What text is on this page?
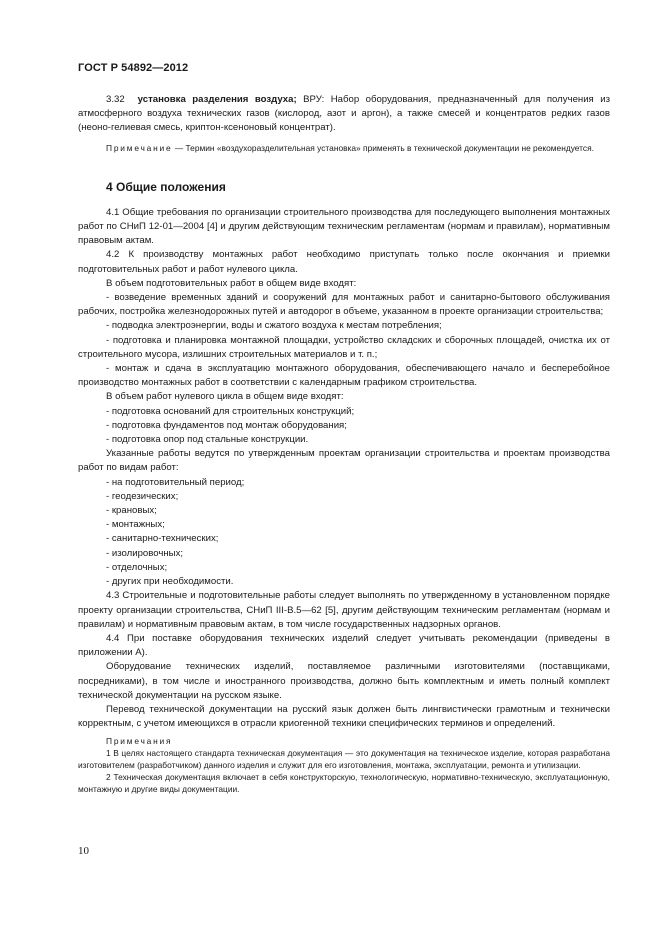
ГОСТ Р 54892—2012

3.32 установка разделения воздуха; ВРУ: Набор оборудования, предназначенный для получения из атмосферного воздуха технических газов (кислород, азот и аргон), а также смесей и концентратов редких газов (неоно-гелиевая смесь, криптон-ксеноновый концентрат).

Примечание — Термин «воздухоразделительная установка» применять в технической документации не рекомендуется.

4 Общие положения

4.1 Общие требования по организации строительного производства для последующего выполнения монтажных работ по СНиП 12-01—2004 [4] и другим действующим техническим регламентам (нормам и правилам), нормативным правовым актам.

4.2 К производству монтажных работ необходимо приступать только после окончания и приемки подготовительных работ и работ нулевого цикла.

В объем подготовительных работ в общем виде входят:

- возведение временных зданий и сооружений для монтажных работ и санитарно-бытового обслуживания рабочих, постройка железнодорожных путей и автодорог в объеме, указанном в проекте организации строительства;

- подводка электроэнергии, воды и сжатого воздуха к местам потребления;

- подготовка и планировка монтажной площадки, устройство складских и сборочных площадей, очистка их от строительного мусора, излишних строительных материалов и т. п.;

- монтаж и сдача в эксплуатацию монтажного оборудования, обеспечивающего начало и бесперебойное производство монтажных работ в соответствии с календарным графиком строительства.

В объем работ нулевого цикла в общем виде входят:

- подготовка оснований для строительных конструкций;

- подготовка фундаментов под монтаж оборудования;

- подготовка опор под стальные конструкции.

Указанные работы ведутся по утвержденным проектам организации строительства и проектам производства работ по видам работ:

- на подготовительный период;

- геодезических;

- крановых;

- монтажных;

- санитарно-технических;

- изолировочных;

- отделочных;

- других при необходимости.

4.3 Строительные и подготовительные работы следует выполнять по утвержденному в установленном порядке проекту организации строительства, СНиП III-B.5—62 [5], другим действующим техническим регламентам (нормам и правилам) и нормативным правовым актам, в том числе государственных надзорных органов.

4.4 При поставке оборудования технических изделий следует учитывать рекомендации (приведены в приложении А).

Оборудование технических изделий, поставляемое различными изготовителями (поставщиками, посредниками), в том числе и иностранного производства, должно быть комплектным и иметь полный комплект технической документации на русском языке.

Перевод технической документации на русский язык должен быть лингвистически грамотным и технически корректным, с учетом имеющихся в отрасли криогенной техники специфических терминов и определений.

Примечания

1 В целях настоящего стандарта техническая документация — это документация на техническое изделие, которая разработана изготовителем (разработчиком) данного изделия и служит для его изготовления, монтажа, эксплуатации, ремонта и утилизации.

2 Техническая документация включает в себя конструкторскую, технологическую, нормативно-техническую, эксплуатационную, монтажную и другие виды документации.

10
